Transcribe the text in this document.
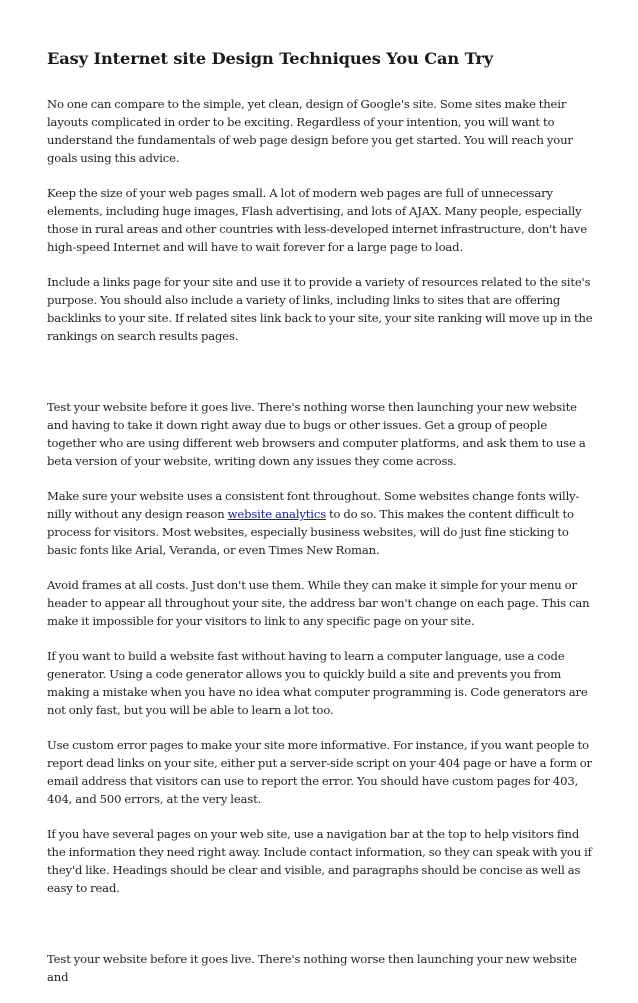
Easy Internet site Design Techniques You Can Try

No one can compare to the simple, yet clean, design of Google's site. Some sites make their layouts complicated in order to be exciting. Regardless of your intention, you will want to understand the fundamentals of web page design before you get started. You will reach your goals using this advice.

Keep the size of your web pages small. A lot of modern web pages are full of unnecessary elements, including huge images, Flash advertising, and lots of AJAX. Many people, especially those in rural areas and other countries with less-developed internet infrastructure, don't have high-speed Internet and will have to wait forever for a large page to load.

Include a links page for your site and use it to provide a variety of resources related to the site's purpose. You should also include a variety of links, including links to sites that are offering backlinks to your site. If related sites link back to your site, your site ranking will move up in the rankings on search results pages.

Test your website before it goes live. There's nothing worse then launching your new website and having to take it down right away due to bugs or other issues. Get a group of people together who are using different web browsers and computer platforms, and ask them to use a beta version of your website, writing down any issues they come across.

Make sure your website uses a consistent font throughout. Some websites change fonts willy-nilly without any design reason website analytics to do so. This makes the content difficult to process for visitors. Most websites, especially business websites, will do just fine sticking to basic fonts like Arial, Veranda, or even Times New Roman.

Avoid frames at all costs. Just don't use them. While they can make it simple for your menu or header to appear all throughout your site, the address bar won't change on each page. This can make it impossible for your visitors to link to any specific page on your site.

If you want to build a website fast without having to learn a computer language, use a code generator. Using a code generator allows you to quickly build a site and prevents you from making a mistake when you have no idea what computer programming is. Code generators are not only fast, but you will be able to learn a lot too.

Use custom error pages to make your site more informative. For instance, if you want people to report dead links on your site, either put a server-side script on your 404 page or have a form or email address that visitors can use to report the error. You should have custom pages for 403, 404, and 500 errors, at the very least.

If you have several pages on your web site, use a navigation bar at the top to help visitors find the information they need right away. Include contact information, so they can speak with you if they'd like. Headings should be clear and visible, and paragraphs should be concise as well as easy to read.

Test your website before it goes live. There's nothing worse then launching your new website and
